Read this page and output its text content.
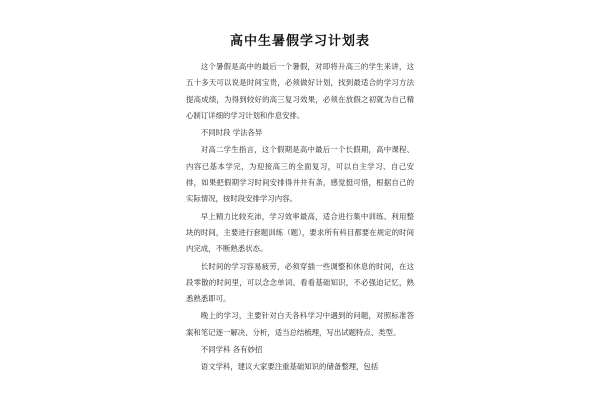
高中生暑假学习计划表

这个暑假是高中的最后一个暑假，对即将升高三的学生来讲，这五十多天可以说是时间宝贵，必须做好计划，找到最适合的学习方法提高成绩，为得到较好的高三复习效果，必须在放假之初就为自己精心制订详细的学习计划和作息安排。

不同时段 学法各异

对高二学生指言，这个假期是高中最后一个长假期，高中课程、内容已基本学完，为迎接高三的全面复习，可以自主学习、自己安排，如果把假期学习时间安排得井井有条，感觉挺可惜，根据自己的实际情况，按时段安排学习内容。

早上精力比较充沛，学习效率最高，适合进行集中训练、利用整块的时间，主要进行套题训练（题），要求所有科目都要在规定的时间内完成，不断熟悉状态。

长时间的学习容易疲劳，必须穿插一些调整和休息的时间，在这段零散的时间里，可以念念单词、看看基础知识，不必强迫记忆，熟悉熟悉即可。

晚上的学习，主要针对白天各科学习中遇到的问题，对照标准答案和笔记逐一解决、分析，适当总结梳理，写出试题特点、类型。

不同学科 各有妙招

语文学科，建议大家要注重基础知识的储备整理，包括
